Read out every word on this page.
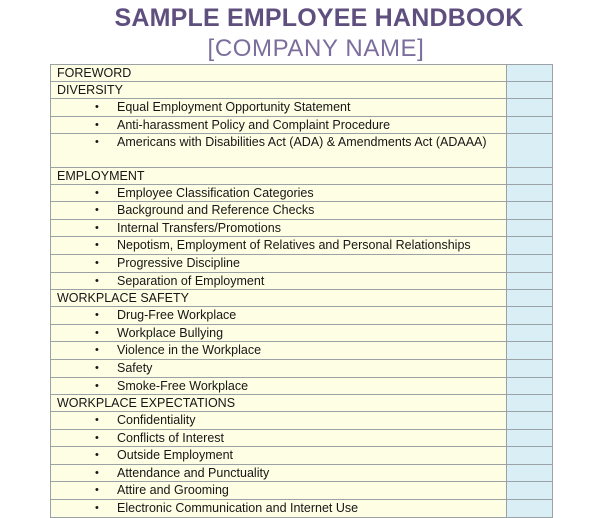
SAMPLE EMPLOYEE HANDBOOK
[COMPANY NAME]
FOREWORD	

DIVERSITY	

• Equal Employment Opportunity Statement	

• Anti-harassment Policy and Complaint Procedure	

• Americans with Disabilities Act (ADA) & Amendments Act (ADAAA)	

EMPLOYMENT	

• Employee Classification Categories	

• Background and Reference Checks	

• Internal Transfers/Promotions	

• Nepotism, Employment of Relatives and Personal Relationships	

• Progressive Discipline	

• Separation of Employment	

WORKPLACE SAFETY	

• Drug-Free Workplace	

• Workplace Bullying	

• Violence in the Workplace	

• Safety	

• Smoke-Free Workplace	

WORKPLACE EXPECTATIONS	

• Confidentiality	

• Conflicts of Interest	

• Outside Employment	

• Attendance and Punctuality	

• Attire and Grooming	

• Electronic Communication and Internet Use	
